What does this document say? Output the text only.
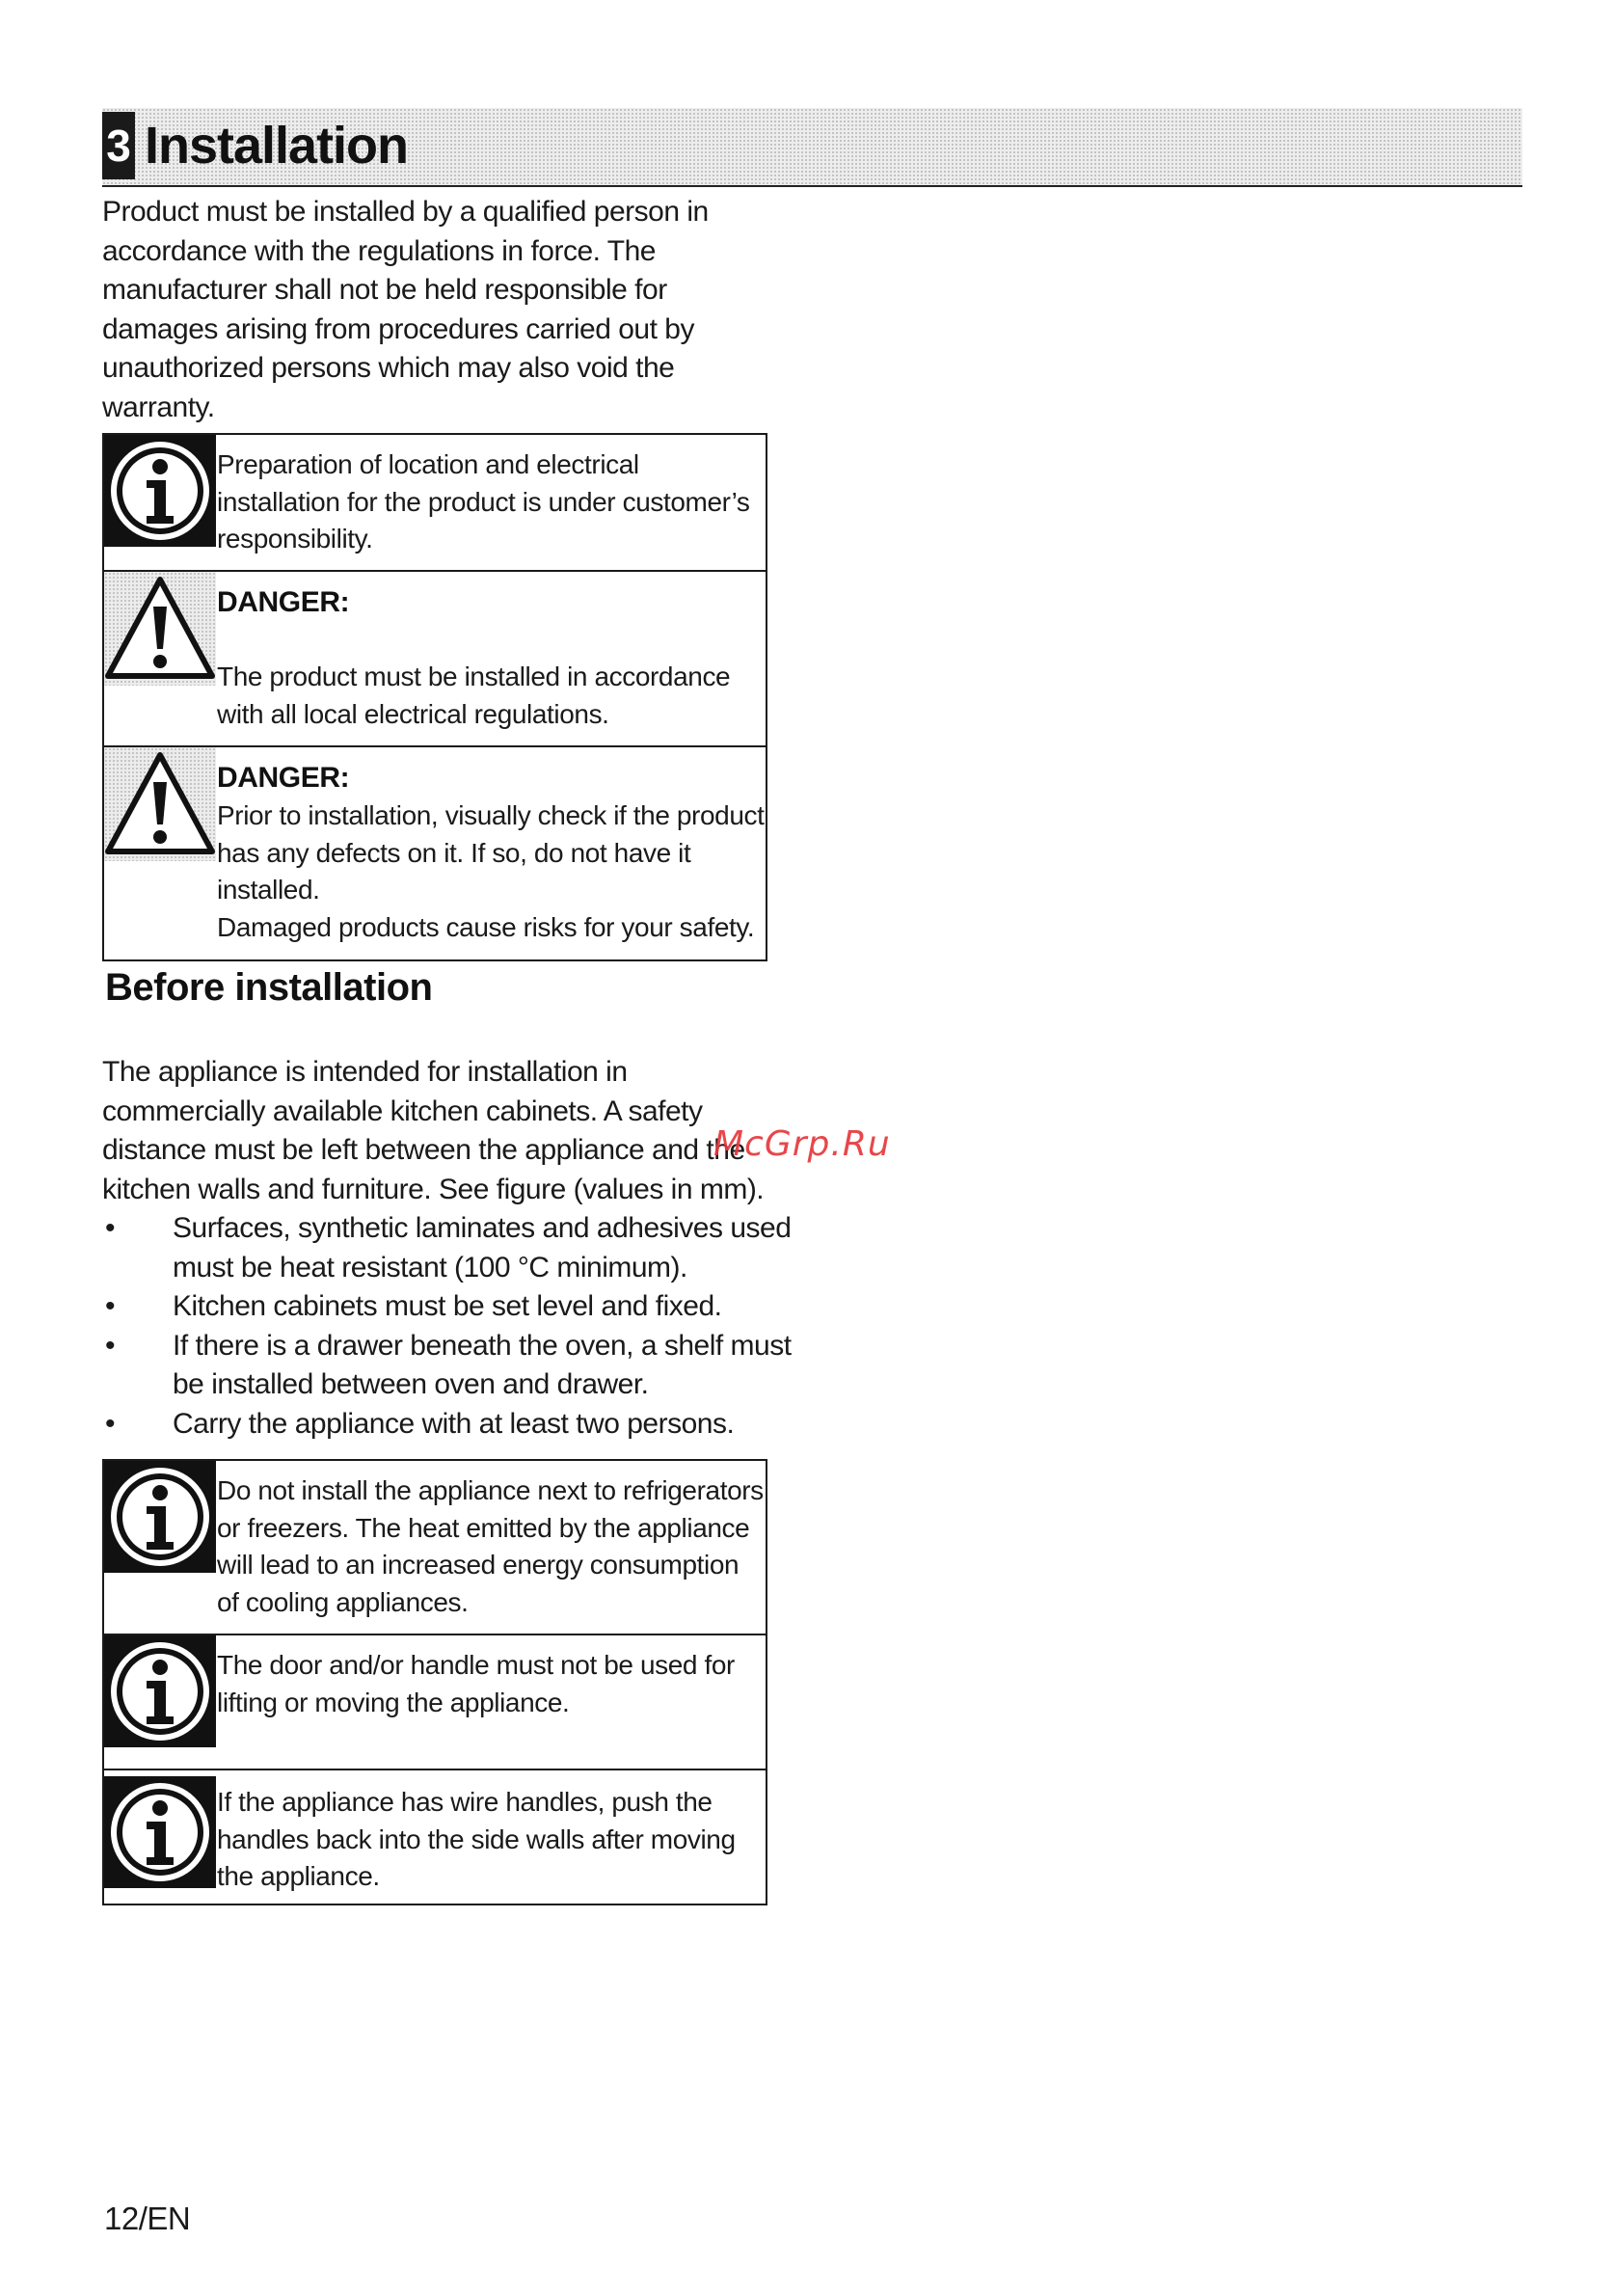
3 Installation

Product must be installed by a qualified person in accordance with the regulations in force. The manufacturer shall not be held responsible for damages arising from procedures carried out by unauthorized persons which may also void the warranty.

Preparation of location and electrical installation for the product is under customer’s responsibility.
DANGER:
The product must be installed in accordance with all local electrical regulations.
DANGER:
Prior to installation, visually check if the product has any defects on it. If so, do not have it installed.
Damaged products cause risks for your safety.
Before installation

The appliance is intended for installation in commercially available kitchen cabinets. A safety distance must be left between the appliance and the kitchen walls and furniture. See figure (values in mm).

• Surfaces, synthetic laminates and adhesives used must be heat resistant (100 °C minimum).
• Kitchen cabinets must be set level and fixed.
• If there is a drawer beneath the oven, a shelf must be installed between oven and drawer.
• Carry the appliance with at least two persons.
Do not install the appliance next to refrigerators or freezers. The heat emitted by the appliance will lead to an increased energy consumption of cooling appliances.
The door and/or handle must not be used for lifting or moving the appliance.
If the appliance has wire handles, push the handles back into the side walls after moving the appliance.
McGrp.Ru
12/EN
